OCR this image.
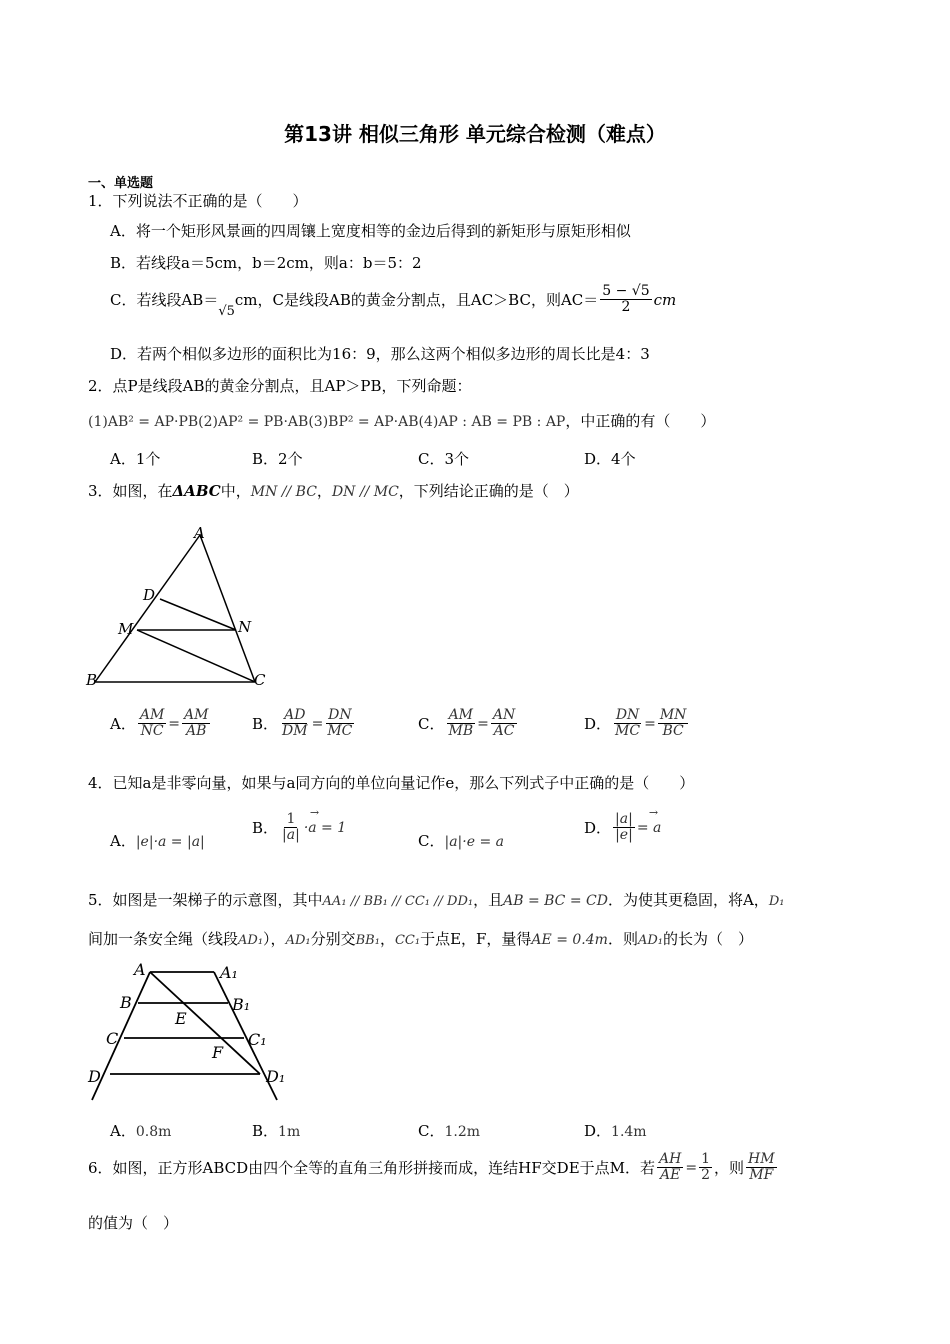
第13讲 相似三角形 单元综合检测（难点）
一、单选题
1．下列说法不正确的是（　　）
A．将一个矩形风景画的四周镶上宽度相等的金边后得到的新矩形与原矩形相似
B．若线段a＝5cm，b＝2cm，则a：b＝5：2
C．若线段AB＝
√5
cm，C是线段AB的黄金分割点，且AC＞BC，则$AC= \frac{5 - √5}{2}$ cm
D．若两个相似多边形的面积比为16：9，那么这两个相似多边形的周长比是4：3
2．点P是线段AB的黄金分割点，且AP＞PB，下列命题：
(1)AB² = AP·PB(2)AP² = PB·AB(3)BP² = AP·AB(4)AP : AB = PB : AP，中正确的有（　　）
A．1个	B．2个	C．3个	D．4个
3．如图，在ΔABC中，MN // BC，DN // MC，下列结论正确的是（　）
A
D
M	N
B	C
A． $\frac{AM}{NC} = \frac{AM}{AB}$	B． $\frac{AD}{DM} = \frac{DN}{MC}$	C． $\frac{AM}{MB} = \frac{AN}{AC}$	D． $\frac{DN}{MC} = \frac{MN}{BC}$
4．已知a是非零向量，如果与a同方向的单位向量记作e，那么下列式子中正确的是（　　）
A．|e|·a = |a|
B． $\frac{1}{|a|}$ →
·a = 1
C．|a|·e = a
D． $\frac{|a|}{|e|}$ →
= a
5．如图是一架梯子的示意图，其中AA₁ // BB₁ // CC₁ // DD₁，且AB = BC = CD．为使其更稳固，将A，D₁
间加一条安全绳（线段AD₁），AD₁分别交BB₁，CC₁于点E，F，量得AE = 0.4m．则AD₁的长为（　）
A	A₁
B	B₁
E
C	C₁
F
D	D₁
A．0.8m	B．1m	C．1.2m	D．1.4m
6．如图，正方形ABCD由四个全等的直角三角形拼接而成，连结HF交DE于点M．若 $\frac{AH}{AE} = \frac{1}{2}$ ，则 $\frac{HM}{MF}$
的值为（　）
